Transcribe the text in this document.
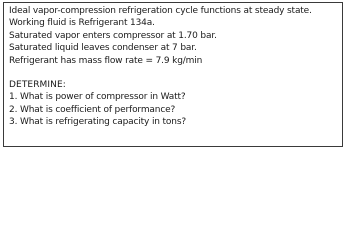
Ideal vapor-compression refrigeration cycle functions at steady state.
Working fluid is Refrigerant 134a.
Saturated vapor enters compressor at 1.70 bar.
Saturated liquid leaves condenser at 7 bar.
Refrigerant has mass flow rate = 7.9 kg/min
DETERMINE:
1. What is power of compressor in Watt?
2. What is coefficient of performance?
3. What is refrigerating capacity in tons?
